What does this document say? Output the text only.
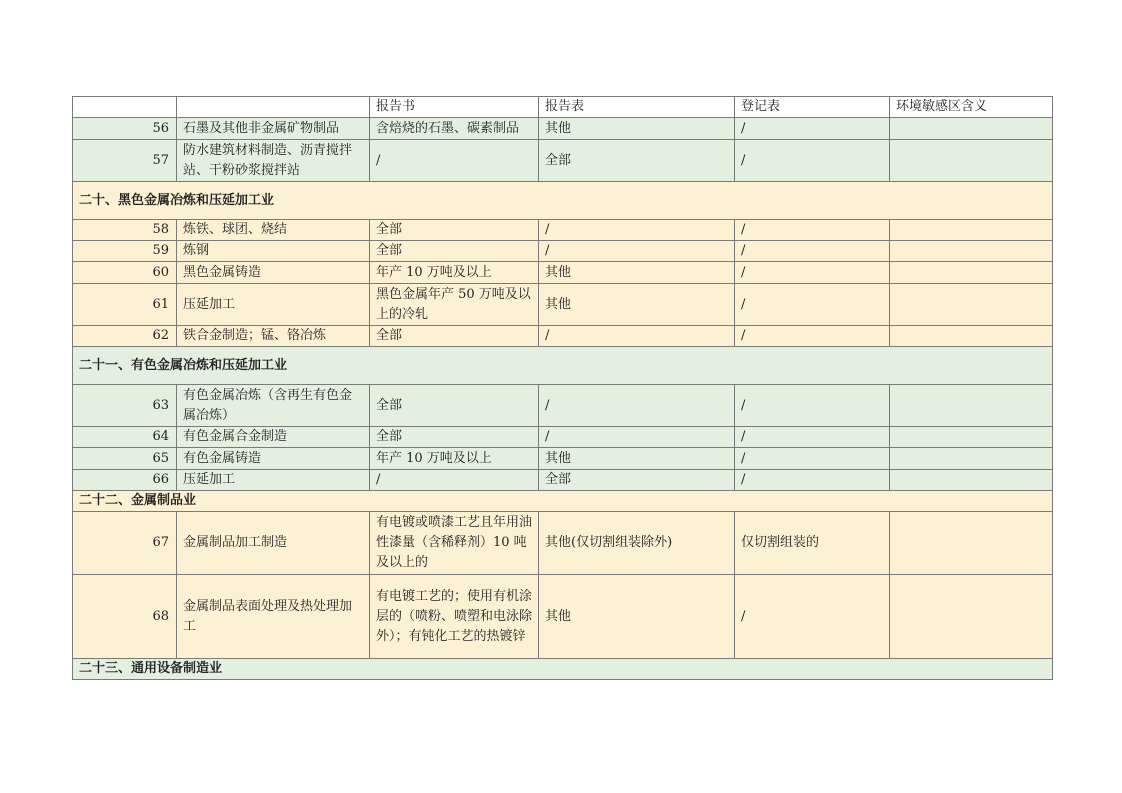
		报告书	报告表	登记表	环境敏感区含义
56	石墨及其他非金属矿物制品	含焙烧的石墨、碳素制品	其他	/	
57	防水建筑材料制造、沥青搅拌站、干粉砂浆搅拌站	/	全部	/	
二十、黑色金属冶炼和压延加工业					
58	炼铁、球团、烧结	全部	/	/	
59	炼钢	全部	/	/	
60	黑色金属铸造	年产 10 万吨及以上	其他	/	
61	压延加工	黑色金属年产 50 万吨及以上的冷轧	其他	/	
62	铁合金制造；锰、铬冶炼	全部	/	/	
二十一、有色金属冶炼和压延加工业					
63	有色金属冶炼（含再生有色金属冶炼）	全部	/	/	
64	有色金属合金制造	全部	/	/	
65	有色金属铸造	年产 10 万吨及以上	其他	/	
66	压延加工	/	全部	/	
二十二、金属制品业					
67	金属制品加工制造	有电镀或喷漆工艺且年用油性漆量（含稀释剂）10 吨及以上的	其他(仅切割组装除外)	仅切割组装的	
68	金属制品表面处理及热处理加工	有电镀工艺的；使用有机涂层的（喷粉、喷塑和电泳除外）；有钝化工艺的热镀锌	其他	/	
二十三、通用设备制造业					
